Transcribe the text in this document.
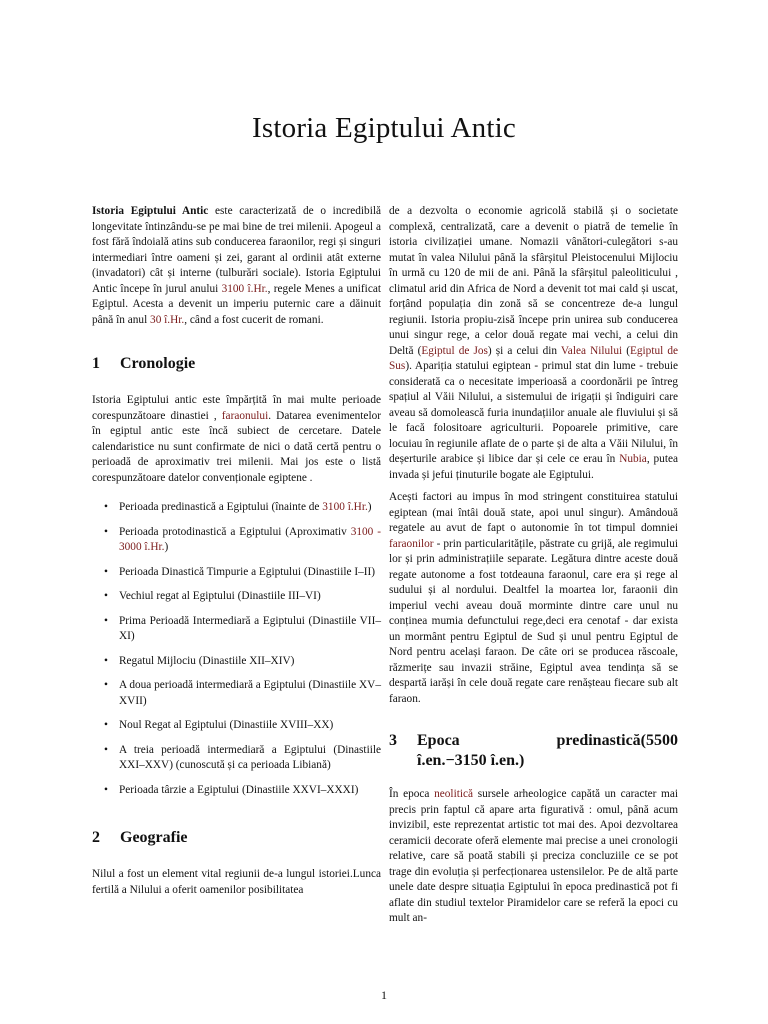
Istoria Egiptului Antic

Istoria Egiptului Antic este caracterizată de o incredibilă longevitate întinzându-se pe mai bine de trei milenii. Apogeul a fost fără îndoială atins sub conducerea faraonilor, regi și singuri intermediari între oameni și zei, garant al ordinii atât externe (invadatori) cât și interne (tulburări sociale). Istoria Egiptului Antic începe în jurul anului 3100 î.Hr., regele Menes a unificat Egiptul. Acesta a devenit un imperiu puternic care a dăinuit până în anul 30 î.Hr., când a fost cucerit de romani.

1 Cronologie

Istoria Egiptului antic este împărțită în mai multe perioade corespunzătoare dinastiei , faraonului. Datarea evenimentelor în egiptul antic este încă subiect de cercetare. Datele calendaristice nu sunt confirmate de nici o dată certă pentru o perioadă de aproximativ trei milenii. Mai jos este o listă corespunzătoare datelor convenționale egiptene .

• Perioada predinastică a Egiptului (înainte de 3100 î.Hr.)
• Perioada protodinastică a Egiptului (Aproximativ 3100 - 3000 î.Hr.)
• Perioada Dinastică Timpurie a Egiptului (Dinastiile I–II)
• Vechiul regat al Egiptului (Dinastiile III–VI)
• Prima Perioadă Intermediară a Egiptului (Dinastiile VII–XI)
• Regatul Mijlociu (Dinastiile XII–XIV)
• A doua perioadă intermediară a Egiptului (Dinastiile XV–XVII)
• Noul Regat al Egiptului (Dinastiile XVIII–XX)
• A treia perioadă intermediară a Egiptului (Dinastiile XXI–XXV) (cunoscută și ca perioada Libiană)
• Perioada târzie a Egiptului (Dinastiile XXVI–XXXI)
2 Geografie

Nilul a fost un element vital regiunii de-a lungul istoriei.Lunca fertilă a Nilului a oferit oamenilor posibilitatea

de a dezvolta o economie agricolă stabilă și o societate complexă, centralizată, care a devenit o piatră de temelie în istoria civilizației umane. Nomazii vânători-culegători s-au mutat în valea Nilului până la sfârșitul Pleistocenului Mijlociu în urmă cu 120 de mii de ani. Până la sfârșitul paleoliticului , climatul arid din Africa de Nord a devenit tot mai cald și uscat, forțând populația din zonă să se concentreze de-a lungul regiunii. Istoria propiu-zisă începe prin unirea sub conducerea unui singur rege, a celor două regate mai vechi, a celui din Deltă (Egiptul de Jos) și a celui din Valea Nilului (Egiptul de Sus). Apariția statului egiptean - primul stat din lume - trebuie considerată ca o necesitate imperioasă a coordonării pe întreg spațiul al Văii Nilului, a sistemului de irigații și îndiguiri care aveau să domolească furia inundațiilor anuale ale fluviului și să le facă folositoare agriculturii. Popoarele primitive, care locuiau în regiunile aflate de o parte și de alta a Văii Nilului, în deșerturile arabice și libice dar și cele ce erau în Nubia, putea invada și jefui ținuturile bogate ale Egiptului.

Acești factori au impus în mod stringent constituirea statului egiptean (mai întâi două state, apoi unul singur). Amândouă regatele au avut de fapt o autonomie în tot timpul domniei faraonilor - prin particularitățile, păstrate cu grijă, ale regimului lor și prin administrațiile separate. Legătura dintre aceste două regate autonome a fost totdeauna faraonul, care era și rege al sudului și al nordului. Dealtfel la moartea lor, faraonii din imperiul vechi aveau două morminte dintre care unul nu conținea mumia defunctului rege,deci era cenotaf - dar exista un mormânt pentru Egiptul de Sud și unul pentru Egiptul de Nord pentru același faraon. De câte ori se producea răscoale, răzmerițe sau invazii străine, Egiptul avea tendința să se despartă iarăși în cele două regate care renășteau fiecare sub alt faraon.

3	Epoca	predinastică(5500
î.en.−3150 î.en.)

În epoca neolitică sursele arheologice capătă un caracter mai precis prin faptul că apare arta figurativă : omul, până acum invizibil, este reprezentat artistic tot mai des. Apoi dezvoltarea ceramicii decorate oferă elemente mai precise a unei cronologii relative, care să poată stabili și preciza concluziile ce se pot trage din evoluția și perfecționarea ustensilelor. Pe de altă parte unele date despre situația Egiptului în epoca predinastică pot fi aflate din studiul textelor Piramidelor care se referă la epoci cu mult an-

1
